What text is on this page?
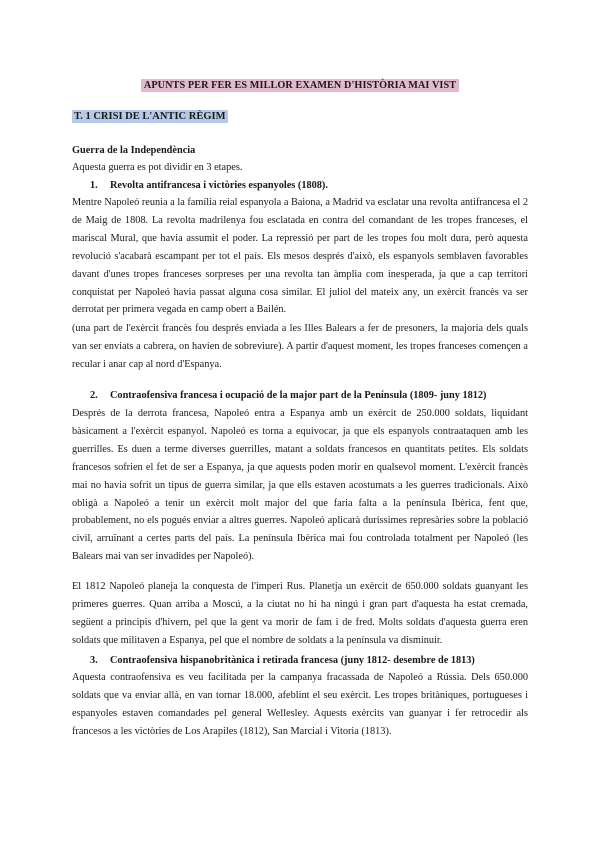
APUNTS PER FER ES MILLOR EXAMEN D'HISTÒRIA MAI VIST
T. 1 CRISI DE L'ANTIC RÈGIM
Guerra de la Independència

Aquesta guerra es pot dividir en 3 etapes.

1. Revolta antifrancesa i victòries espanyoles (1808).

Mentre Napoleó reunia a la família reial espanyola a Baiona, a Madrid va esclatar una revolta antifrancesa el 2 de Maig de 1808. La revolta madrilenya fou esclatada en contra del comandant de les tropes franceses, el mariscal Mural, que havia assumit el poder. La repressió per part de les tropes fou molt dura, però aquesta revolució s'acabarà escampant per tot el país. Els mesos després d'això, els espanyols semblaven favorables davant d'unes tropes franceses sorpreses per una revolta tan àmplia com inesperada, ja que a cap territori conquistat per Napoleó havia passat alguna cosa similar. El juliol del mateix any, un exèrcit francès va ser derrotat per primera vegada en camp obert a Bailén.

(una part de l'exèrcit francès fou després enviada a les Illes Balears a fer de presoners, la majoria dels quals van ser enviats a cabrera, on havien de sobreviure). A partir d'aquest moment, les tropes franceses començen a recular i anar cap al nord d'Espanya.

2. Contraofensiva francesa i ocupació de la major part de la Península (1809- juny 1812)

Després de la derrota francesa, Napoleó entra a Espanya amb un exèrcit de 250.000 soldats, liquidant bàsicament a l'exèrcit espanyol. Napoleó es torna a equivocar, ja que els espanyols contraataquen amb les guerrilles. Es duen a terme diverses guerrilles, matant a soldats francesos en quantitats petites. Els soldats francesos sofrien el fet de ser a Espanya, ja que aquests poden morir en qualsevol moment. L'exèrcit francès mai no havia sofrit un tipus de guerra similar, ja que ells estaven acostumats a les guerres tradicionals. Això obligà a Napoleó a tenir un exèrcit molt major del que faria falta a la península Ibèrica, fent que, probablement, no els pogués enviar a altres guerres. Napoleó aplicarà duríssimes represàries sobre la població civil, arruïnant a certes parts del país. La península Ibèrica mai fou controlada totalment per Napoleó (les Balears mai van ser invadides per Napoleó).

El 1812 Napoleó planeja la conquesta de l'imperi Rus. Planetja un exèrcit de 650.000 soldats guanyant les primeres guerres. Quan arriba a Moscú, a la ciutat no hi ha ningú i gran part d'aquesta ha estat cremada, següent a principis d'hivern, pel que la gent va morir de fam i de fred. Molts soldats d'aquesta guerra eren soldats que militaven a Espanya, pel que el nombre de soldats a la península va disminuir.

3. Contraofensiva hispanobritànica i retirada francesa (juny 1812- desembre de 1813)

Aquesta contraofensiva es veu facilitada per la campanya fracassada de Napoleó a Rússia. Dels 650.000 soldats que va enviar allà, en van tornar 18.000, afeblint el seu exèrcit. Les tropes britàniques, portugueses i espanyoles estaven comandades pel general Wellesley. Aquests exèrcits van guanyar i fer retrocedir als francesos a les victòries de Los Arapiles (1812), San Marcial i Vitoria (1813).
